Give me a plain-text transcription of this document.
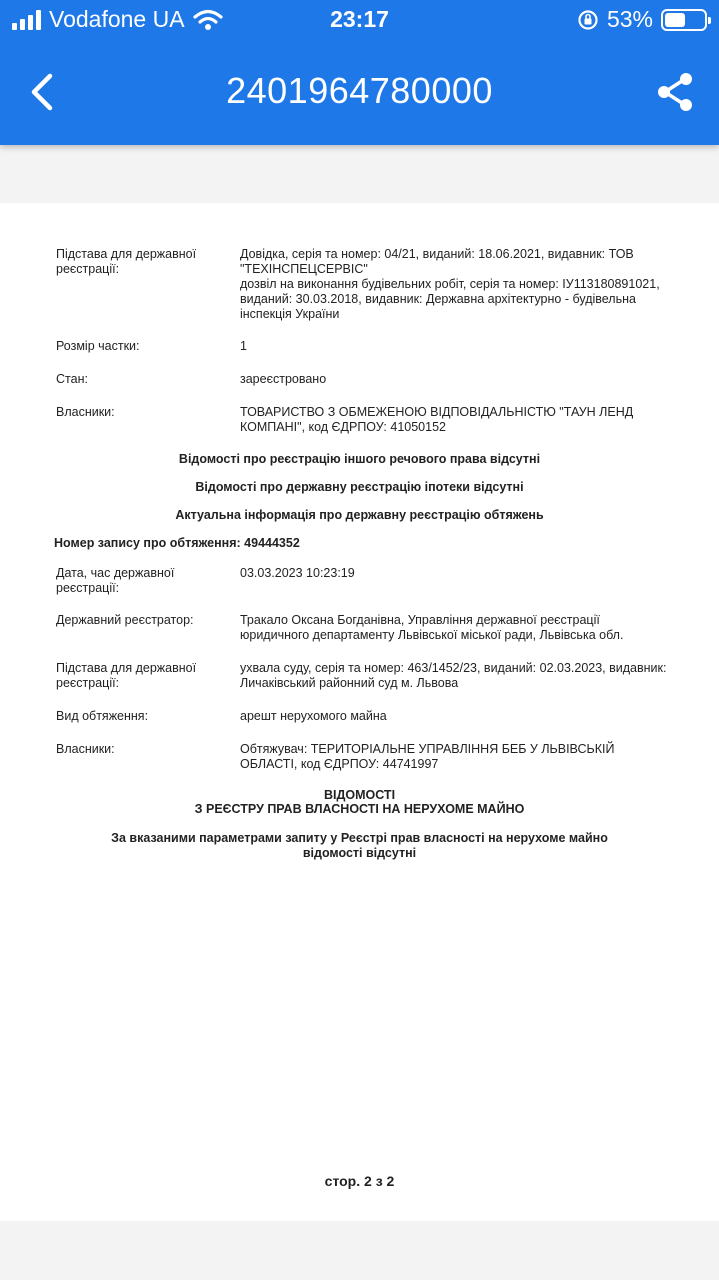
Vodafone UA	23:17	53%
2401964780000
Підстава для державної реєстрації:
Довідка, серія та номер: 04/21, виданий: 18.06.2021, видавник: ТОВ "ТЕХІНСПЕЦСЕРВІС"
дозвіл на виконання будівельних робіт, серія та номер: ІУ113180891021, виданий: 30.03.2018, видавник: Державна архітектурно - будівельна інспекція України
Розмір частки:	1
Стан:	зареєстровано
Власники:	ТОВАРИСТВО З ОБМЕЖЕНОЮ ВІДПОВІДАЛЬНІСТЮ "ТАУН ЛЕНД КОМПАНІ", код ЄДРПОУ: 41050152
Відомості про реєстрацію іншого речового права відсутні
Відомості про державну реєстрацію іпотеки відсутні
Актуальна інформація про державну реєстрацію обтяжень
Номер запису про обтяження: 49444352
Дата, час державної реєстрації:
03.03.2023 10:23:19
Державний реєстратор:	Тракало Оксана Богданівна, Управління державної реєстрації юридичного департаменту Львівської міської ради, Львівська обл.
Підстава для державної реєстрації:
ухвала суду, серія та номер: 463/1452/23, виданий: 02.03.2023, видавник: Личаківський районний суд м. Львова
Вид обтяження:	арешт нерухомого майна
Власники:	Обтяжувач: ТЕРИТОРІАЛЬНЕ УПРАВЛІННЯ БЕБ У ЛЬВІВСЬКІЙ ОБЛАСТІ, код ЄДРПОУ: 44741997
ВІДОМОСТІ
З РЕЄСТРУ ПРАВ ВЛАСНОСТІ НА НЕРУХОМЕ МАЙНО
За вказаними параметрами запиту у Реєстрі прав власності на нерухоме майно
відомості відсутні
стор. 2 з 2
